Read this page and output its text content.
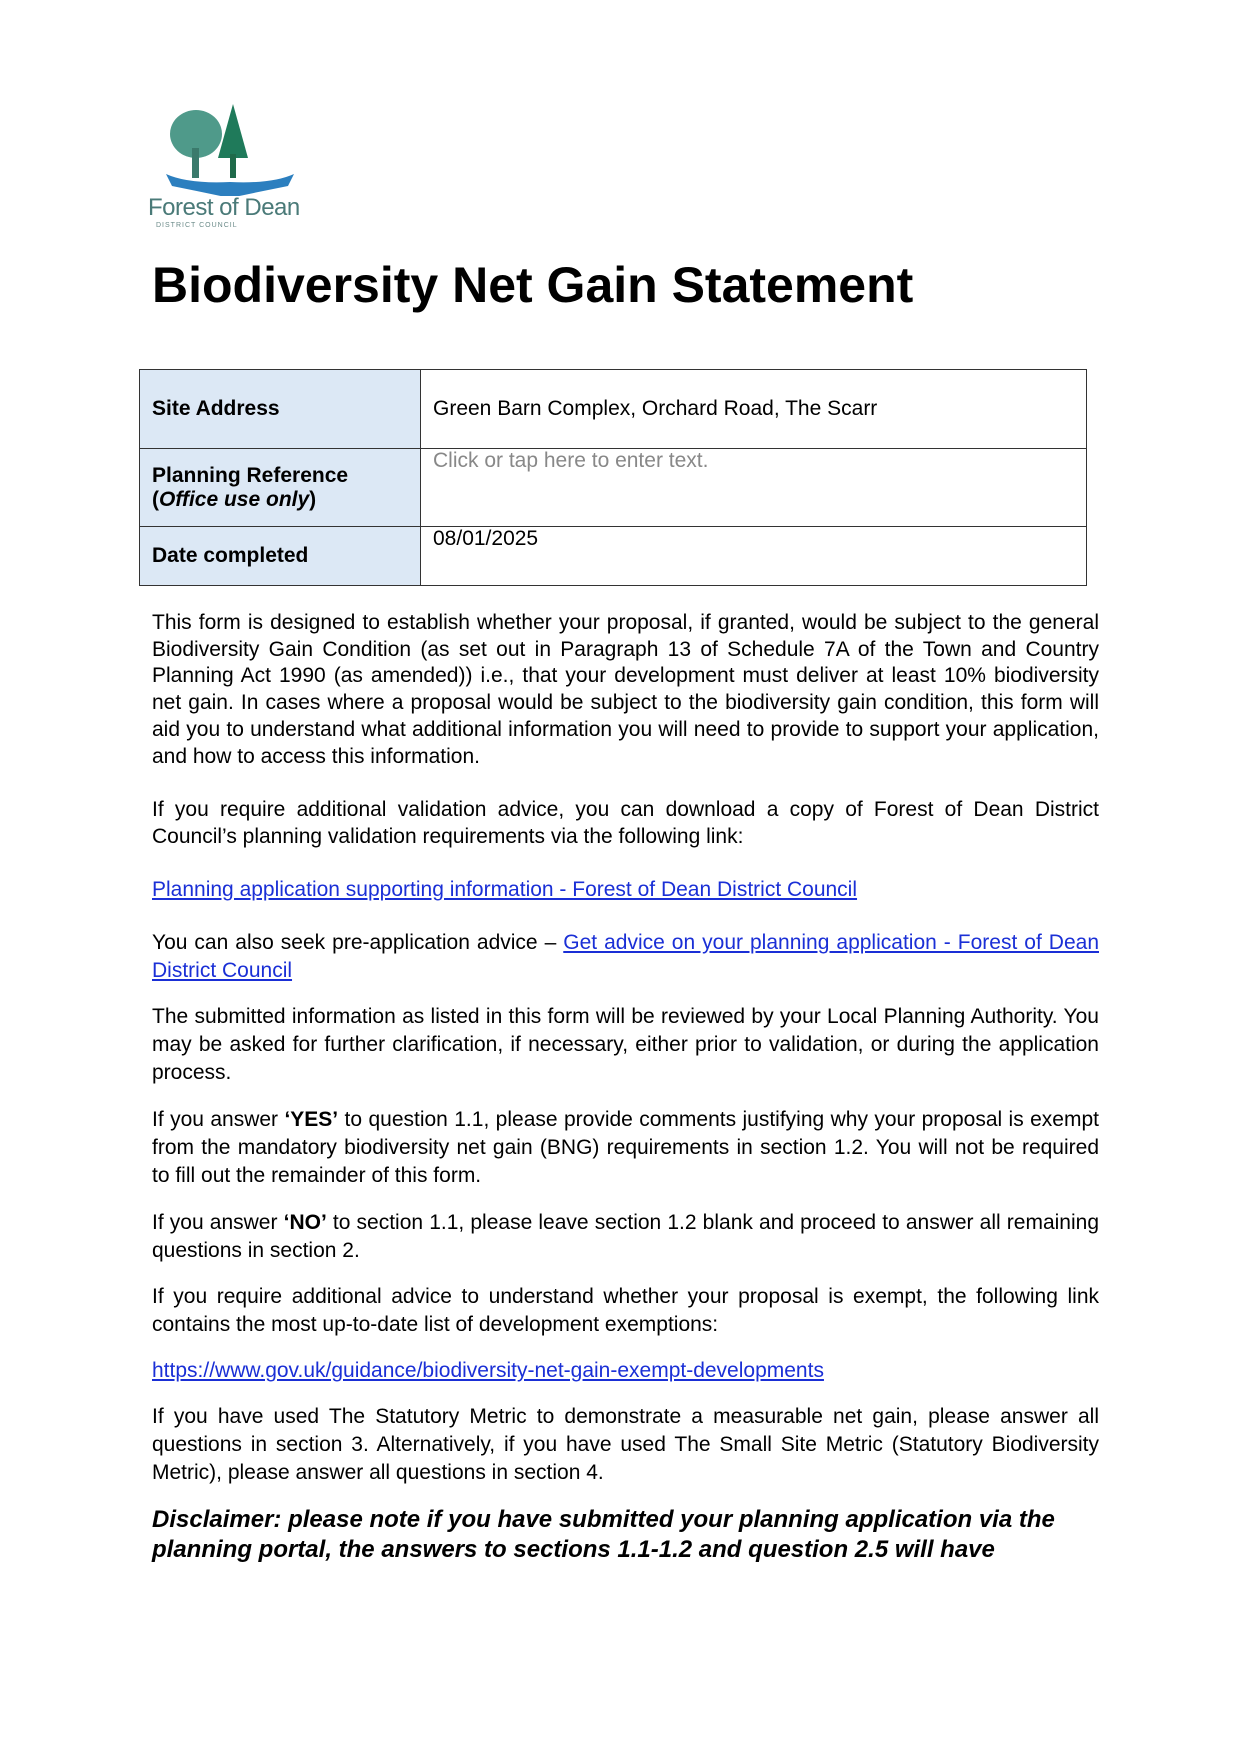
Forest of Dean
DISTRICT COUNCIL
Biodiversity Net Gain Statement
Site Address	Green Barn Complex, Orchard Road, The Scarr
Planning Reference
(Office use only)	Click or tap here to enter text.
Date completed	08/01/2025
This form is designed to establish whether your proposal, if granted, would be subject to the general Biodiversity Gain Condition (as set out in Paragraph 13 of Schedule 7A of the Town and Country Planning Act 1990 (as amended)) i.e., that your development must deliver at least 10% biodiversity net gain. In cases where a proposal would be subject to the biodiversity gain condition, this form will aid you to understand what additional information you will need to provide to support your application, and how to access this information.
If you require additional validation advice, you can download a copy of Forest of Dean District Council’s planning validation requirements via the following link:
Planning application supporting information - Forest of Dean District Council
You can also seek pre-application advice – Get advice on your planning application - Forest of Dean District Council
The submitted information as listed in this form will be reviewed by your Local Planning Authority. You may be asked for further clarification, if necessary, either prior to validation, or during the application process.
If you answer ‘YES’ to question 1.1, please provide comments justifying why your proposal is exempt from the mandatory biodiversity net gain (BNG) requirements in section 1.2. You will not be required to fill out the remainder of this form.
If you answer ‘NO’ to section 1.1, please leave section 1.2 blank and proceed to answer all remaining questions in section 2.
If you require additional advice to understand whether your proposal is exempt, the following link contains the most up-to-date list of development exemptions:
https://www.gov.uk/guidance/biodiversity-net-gain-exempt-developments
If you have used The Statutory Metric to demonstrate a measurable net gain, please answer all questions in section 3. Alternatively, if you have used The Small Site Metric (Statutory Biodiversity Metric), please answer all questions in section 4.
Disclaimer: please note if you have submitted your planning application via the planning portal, the answers to sections 1.1-1.2 and question 2.5 will have
